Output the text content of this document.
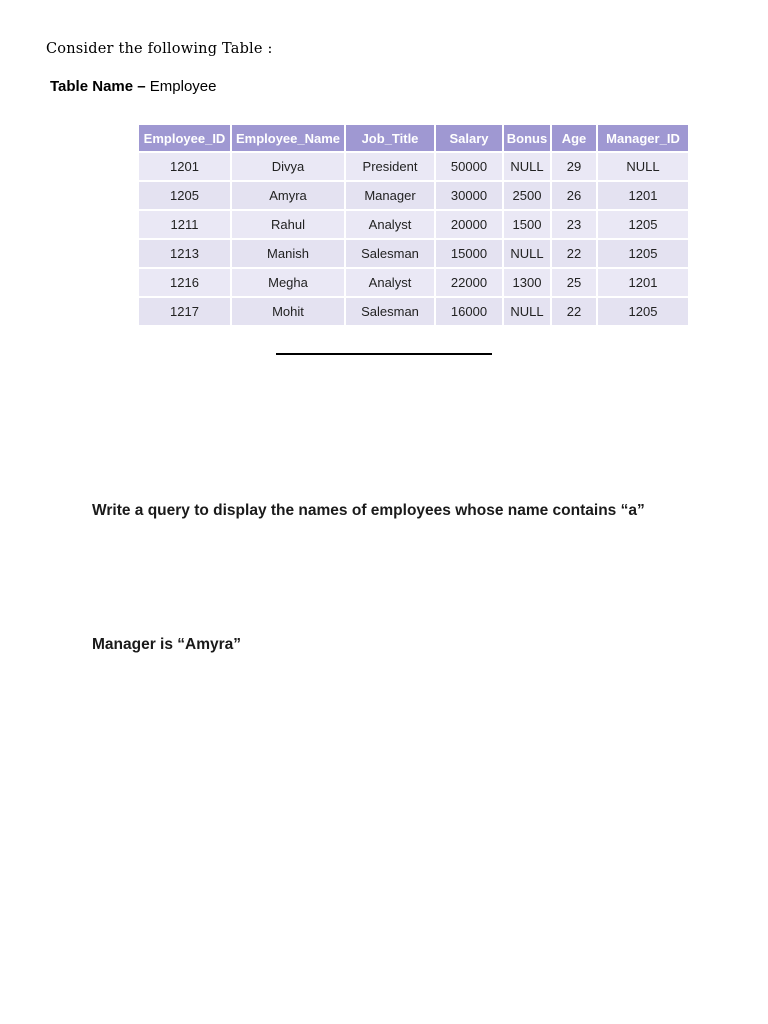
Consider the following Table :
Table Name – Employee
Employee_ID	Employee_Name	Job_Title	Salary	Bonus	Age	Manager_ID
1201	Divya	President	50000	NULL	29	NULL
1205	Amyra	Manager	30000	2500	26	1201
1211	Rahul	Analyst	20000	1500	23	1205
1213	Manish	Salesman	15000	NULL	22	1205
1216	Megha	Analyst	22000	1300	25	1201
1217	Mohit	Salesman	16000	NULL	22	1205
Write a query to display the names of employees whose name contains “a”
Manager is “Amyra”
